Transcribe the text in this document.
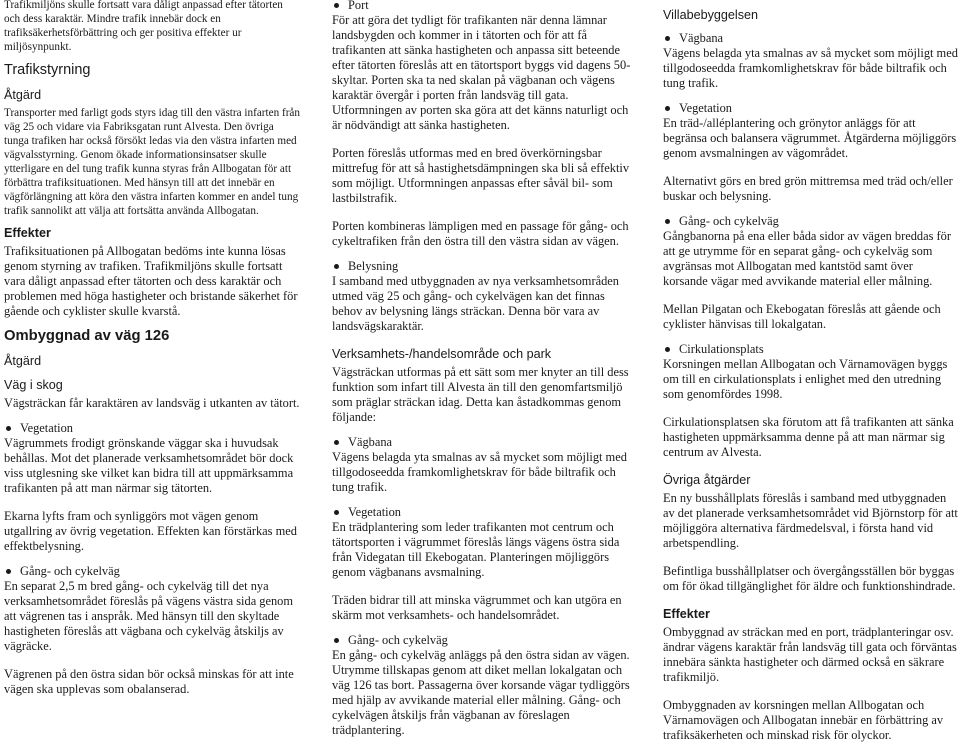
Trafikmiljöns skulle fortsatt vara dåligt anpassad efter tätorten och dess karaktär. Mindre trafik innebär dock en trafiksäkerhetsförbättring och ger positiva effekter ur miljösynpunkt.

Trafikstyrning
Åtgärd

Transporter med farligt gods styrs idag till den västra infarten från väg 25 och vidare via Fabriksgatan runt Alvesta. Den övriga tunga trafiken har också försökt ledas via den västra infarten med vägvalsstyrning. Genom ökade informationsinsatser skulle ytterligare en del tung trafik kunna styras från Allbogatan för att förbättra trafiksituationen. Med hänsyn till att det innebär en vägförlängning att köra den västra infarten kommer en andel tung trafik sannolikt att välja att fortsätta använda Allbogatan.

Effekter

Trafiksituationen på Allbogatan bedöms inte kunna lösas genom styrning av trafiken. Trafikmiljöns skulle fortsatt vara dåligt anpassad efter tätorten och dess karaktär och problemen med höga hastigheter och bristande säkerhet för gående och cyklister skulle kvarstå.

Ombyggnad av väg 126
Åtgärd
Väg i skog

Vägsträckan får karaktären av landsväg i utkanten av tätort.

Vegetation

Vägrummets frodigt grönskande väggar ska i huvudsak behållas. Mot det planerade verksamhetsområdet bör dock viss utglesning ske vilket kan bidra till att uppmärksamma trafikanten på att man närmar sig tätorten.

Ekarna lyfts fram och synliggörs mot vägen genom utgallring av övrig vegetation. Effekten kan förstärkas med effektbelysning.

Gång- och cykelväg

En separat 2,5 m bred gång- och cykelväg till det nya verksamhetsområdet föreslås på vägens västra sida genom att vägrenen tas i anspråk. Med hänsyn till den skyltade hastigheten föreslås att vägbana och cykelväg åtskiljs av vägräcke.

Vägrenen på den östra sidan bör också minskas för att inte vägen ska upplevas som obalanserad.

Port

För att göra det tydligt för trafikanten när denna lämnar landsbygden och kommer in i tätorten och för att få trafikanten att sänka hastigheten och anpassa sitt beteende efter tätorten föreslås att en tätortsport byggs vid dagens 50-skyltar. Porten ska ta ned skalan på vägbanan och vägens karaktär övergår i porten från landsväg till gata. Utformningen av porten ska göra att det känns naturligt och är nödvändigt att sänka hastigheten.

Porten föreslås utformas med en bred överkörningsbar mittrefug för att så hastighetsdämpningen ska bli så effektiv som möjligt. Utformningen anpassas efter såväl bil- som lastbilstrafik.

Porten kombineras lämpligen med en passage för gång- och cykeltrafiken från den östra till den västra sidan av vägen.

Belysning

I samband med utbyggnaden av nya verksamhetsområden utmed väg 25 och gång- och cykelvägen kan det finnas behov av belysning längs sträckan. Denna bör vara av landsvägskaraktär.

Verksamhets-/handelsområde och park

Vägsträckan utformas på ett sätt som mer knyter an till dess funktion som infart till Alvesta än till den genomfartsmiljö som präglar sträckan idag. Detta kan åstadkommas genom följande:

Vägbana

Vägens belagda yta smalnas av så mycket som möjligt med tillgodoseedda framkomlighetskrav för både biltrafik och tung trafik.

Vegetation

En trädplantering som leder trafikanten mot centrum och tätortsporten i vägrummet föreslås längs vägens östra sida från Videgatan till Ekebogatan. Planteringen möjliggörs genom vägbanans avsmalning.

Träden bidrar till att minska vägrummet och kan utgöra en skärm mot verksamhets- och handelsområdet.

Gång- och cykelväg

En gång- och cykelväg anläggs på den östra sidan av vägen. Utrymme tillskapas genom att diket mellan lokalgatan och väg 126 tas bort. Passagerna över korsande vägar tydliggörs med hjälp av avvikande material eller målning. Gång- och cykelvägen åtskiljs från vägbanan av föreslagen trädplantering.

Villabebyggelsen
Vägbana

Vägens belagda yta smalnas av så mycket som möjligt med tillgodoseedda framkomlighetskrav för både biltrafik och tung trafik.

Vegetation

En träd-/alléplantering och grönytor anläggs för att begränsa och balansera vägrummet. Åtgärderna möjliggörs genom avsmalningen av vägområdet.

Alternativt görs en bred grön mittremsa med träd och/eller buskar och belysning.

Gång- och cykelväg

Gångbanorna på ena eller båda sidor av vägen breddas för att ge utrymme för en separat gång- och cykelväg som avgränsas mot Allbogatan med kantstöd samt över korsande vägar med avvikande material eller målning.

Mellan Pilgatan och Ekebogatan föreslås att gående och cyklister hänvisas till lokalgatan.

Cirkulationsplats

Korsningen mellan Allbogatan och Värnamovägen byggs om till en cirkulationsplats i enlighet med den utredning som genomfördes 1998.

Cirkulationsplatsen ska förutom att få trafikanten att sänka hastigheten uppmärksamma denne på att man närmar sig centrum av Alvesta.

Övriga åtgärder

En ny busshållplats föreslås i samband med utbyggnaden av det planerade verksamhetsområdet vid Björnstorp för att möjliggöra alternativa färdmedelsval, i första hand vid arbetspendling.

Befintliga busshållplatser och övergångsställen bör byggas om för ökad tillgänglighet för äldre och funktionshindrade.

Effekter

Ombyggnad av sträckan med en port, trädplanteringar osv. ändrar vägens karaktär från landsväg till gata och förväntas innebära sänkta hastigheter och därmed också en säkrare trafikmiljö.

Ombyggnaden av korsningen mellan Allbogatan och Värnamovägen och Allbogatan innebär en förbättring av trafiksäkerheten och minskad risk för olyckor.
